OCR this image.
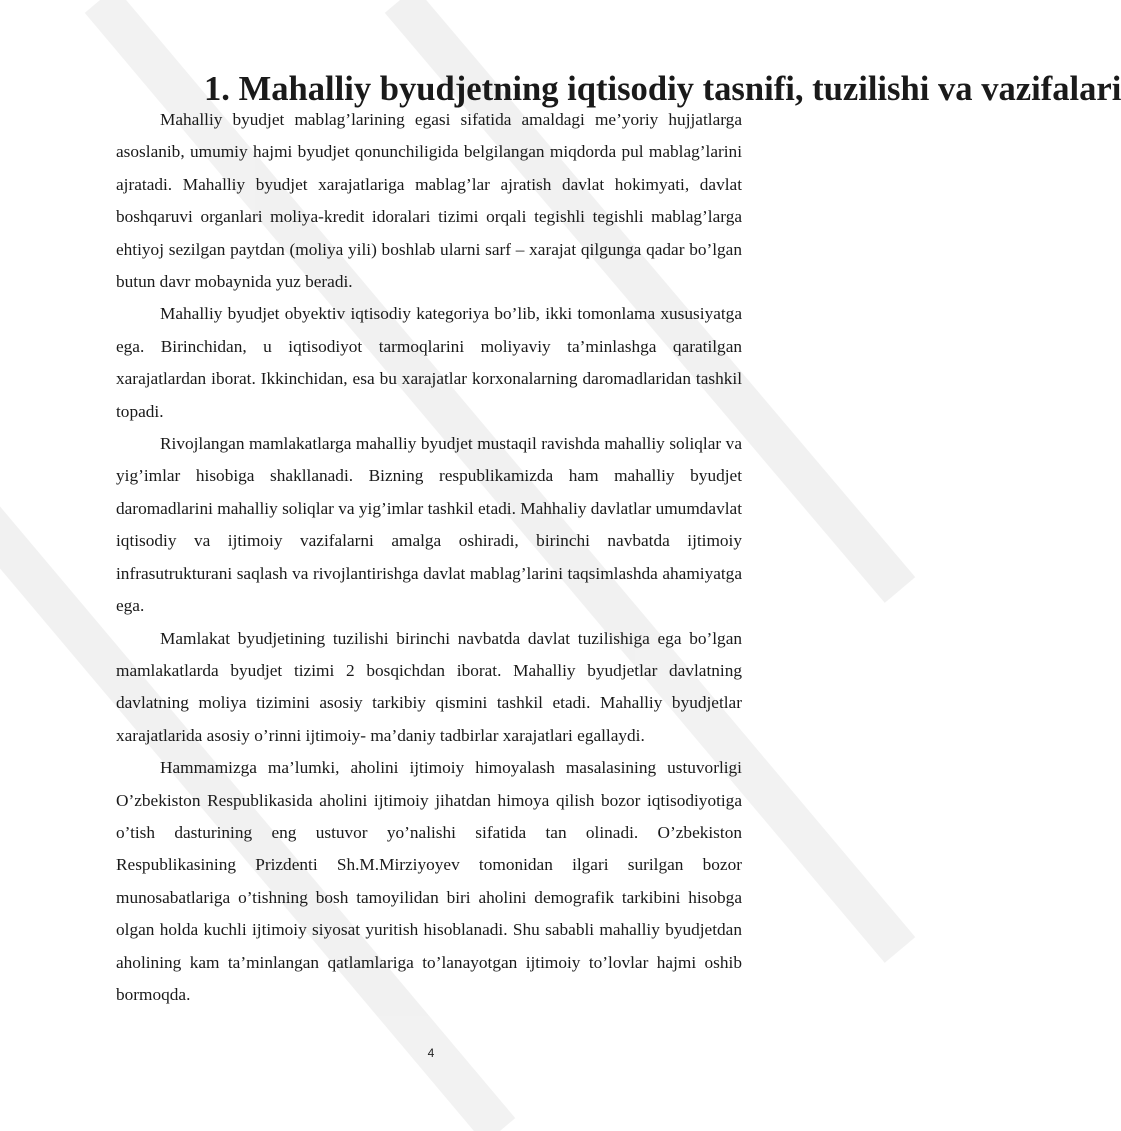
1. Mahalliy byudjetning iqtisodiy tasnifi, tuzilishi va vazifalari

Mahalliy byudjet mablag’larining egasi sifatida amaldagi me’yoriy hujjatlarga asoslanib, umumiy hajmi byudjet qonunchiligida belgilangan miqdorda pul mablag’larini ajratadi. Mahalliy byudjet xarajatlariga mablag’lar ajratish davlat hokimyati, davlat boshqaruvi organlari moliya-kredit idoralari tizimi orqali tegishli tegishli mablag’larga ehtiyoj sezilgan paytdan (moliya yili) boshlab ularni sarf – xarajat qilgunga qadar bo’lgan butun davr mobaynida yuz beradi.

Mahalliy byudjet obyektiv iqtisodiy kategoriya bo’lib, ikki tomonlama xususiyatga ega. Birinchidan, u iqtisodiyot tarmoqlarini moliyaviy ta’minlashga qaratilgan xarajatlardan iborat. Ikkinchidan, esa bu xarajatlar korxonalarning daromadlaridan tashkil topadi.

Rivojlangan mamlakatlarga mahalliy byudjet mustaqil ravishda mahalliy soliqlar va yig’imlar hisobiga shakllanadi. Bizning respublikamizda ham mahalliy byudjet daromadlarini mahalliy soliqlar va yig’imlar tashkil etadi. Mahhaliy davlatlar umumdavlat iqtisodiy va ijtimoiy vazifalarni amalga oshiradi, birinchi navbatda ijtimoiy infrasutrukturani saqlash va rivojlantirishga davlat mablag’larini taqsimlashda ahamiyatga ega.

Mamlakat byudjetining tuzilishi birinchi navbatda davlat tuzilishiga ega bo’lgan mamlakatlarda byudjet tizimi 2 bosqichdan iborat. Mahalliy byudjetlar davlatning davlatning moliya tizimini asosiy tarkibiy qismini tashkil etadi. Mahalliy byudjetlar xarajatlarida asosiy o’rinni ijtimoiy- ma’daniy tadbirlar xarajatlari egallaydi.

Hammamizga ma’lumki, aholini ijtimoiy himoyalash masalasining ustuvorligi O’zbekiston Respublikasida aholini ijtimoiy jihatdan himoya qilish bozor iqtisodiyotiga o’tish dasturining eng ustuvor yo’nalishi sifatida tan olinadi. O’zbekiston Respublikasining Prizdenti Sh.M.Mirziyoyev tomonidan ilgari surilgan bozor munosabatlariga o’tishning bosh tamoyilidan biri aholini demografik tarkibini hisobga olgan holda kuchli ijtimoiy siyosat yuritish hisoblanadi. Shu sababli mahalliy byudjetdan aholining kam ta’minlangan qatlamlariga to’lanayotgan ijtimoiy to’lovlar hajmi oshib bormoqda.

4
